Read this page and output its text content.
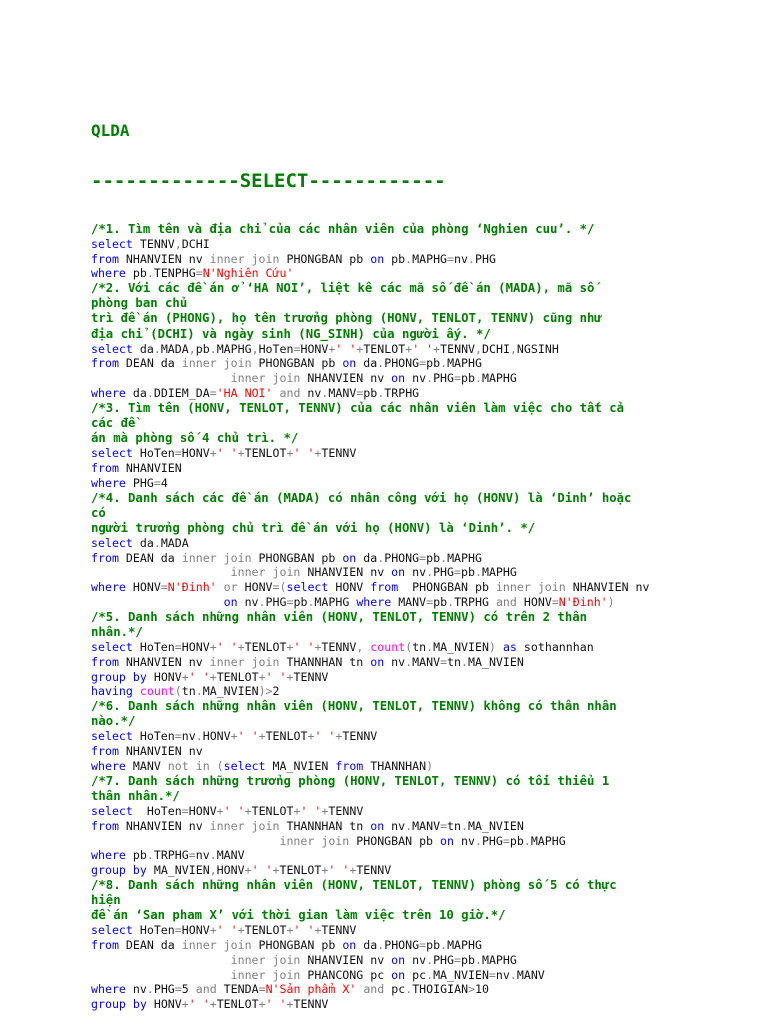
QLDA

-------------SELECT------------

/*1. Tìm tên và địa chỉ của các nhân viên của phòng ‘Nghien cuu’. */
select TENNV,DCHI
from NHANVIEN nv inner join PHONGBAN pb on pb.MAPHG=nv.PHG
where pb.TENPHG=N'Nghiên Cứu'
/*2. Với các đề án ở ‘HA NOI’, liệt kê các mã số đề án (MADA), mã số
phòng ban chủ
trì đề án (PHONG), họ tên trưởng phòng (HONV, TENLOT, TENNV) cũng như
địa chỉ (DCHI) và ngày sinh (NG_SINH) của người ấy. */
select da.MADA,pb.MAPHG,HoTen=HONV+' '+TENLOT+' '+TENNV,DCHI,NGSINH
from DEAN da inner join PHONGBAN pb on da.PHONG=pb.MAPHG
inner join NHANVIEN nv on nv.PHG=pb.MAPHG
where da.DDIEM_DA='HA NOI' and nv.MANV=pb.TRPHG
/*3. Tìm tên (HONV, TENLOT, TENNV) của các nhân viên làm việc cho tất cả
các đề
án mà phòng số 4 chủ trì. */
select HoTen=HONV+' '+TENLOT+' '+TENNV
from NHANVIEN
where PHG=4
/*4. Danh sách các đề án (MADA) có nhân công với họ (HONV) là ‘Dinh’ hoặc
có
người trưởng phòng chủ trì đề án với họ (HONV) là ‘Dinh’. */
select da.MADA
from DEAN da inner join PHONGBAN pb on da.PHONG=pb.MAPHG
inner join NHANVIEN nv on nv.PHG=pb.MAPHG
where HONV=N'Đinh' or HONV=(select HONV from  PHONGBAN pb inner join NHANVIEN nv
on nv.PHG=pb.MAPHG where MANV=pb.TRPHG and HONV=N'Đinh')
/*5. Danh sách những nhân viên (HONV, TENLOT, TENNV) có trên 2 thân
nhân.*/
select HoTen=HONV+' '+TENLOT+' '+TENNV, count(tn.MA_NVIEN) as sothannhan
from NHANVIEN nv inner join THANNHAN tn on nv.MANV=tn.MA_NVIEN
group by HONV+' '+TENLOT+' '+TENNV
having count(tn.MA_NVIEN)>2
/*6. Danh sách những nhân viên (HONV, TENLOT, TENNV) không có thân nhân
nào.*/
select HoTen=nv.HONV+' '+TENLOT+' '+TENNV
from NHANVIEN nv
where MANV not in (select MA_NVIEN from THANNHAN)
/*7. Danh sách những trưởng phòng (HONV, TENLOT, TENNV) có tối thiểu 1
thân nhân.*/
select  HoTen=HONV+' '+TENLOT+' '+TENNV
from NHANVIEN nv inner join THANNHAN tn on nv.MANV=tn.MA_NVIEN
inner join PHONGBAN pb on nv.PHG=pb.MAPHG
where pb.TRPHG=nv.MANV
group by MA_NVIEN,HONV+' '+TENLOT+' '+TENNV
/*8. Danh sách những nhân viên (HONV, TENLOT, TENNV) phòng số 5 có thực
hiện
đề án ‘San pham X’ với thời gian làm việc trên 10 giờ.*/
select HoTen=HONV+' '+TENLOT+' '+TENNV
from DEAN da inner join PHONGBAN pb on da.PHONG=pb.MAPHG
inner join NHANVIEN nv on nv.PHG=pb.MAPHG
inner join PHANCONG pc on pc.MA_NVIEN=nv.MANV
where nv.PHG=5 and TENDA=N'Sản phẩm X' and pc.THOIGIAN>10
group by HONV+' '+TENLOT+' '+TENNV
